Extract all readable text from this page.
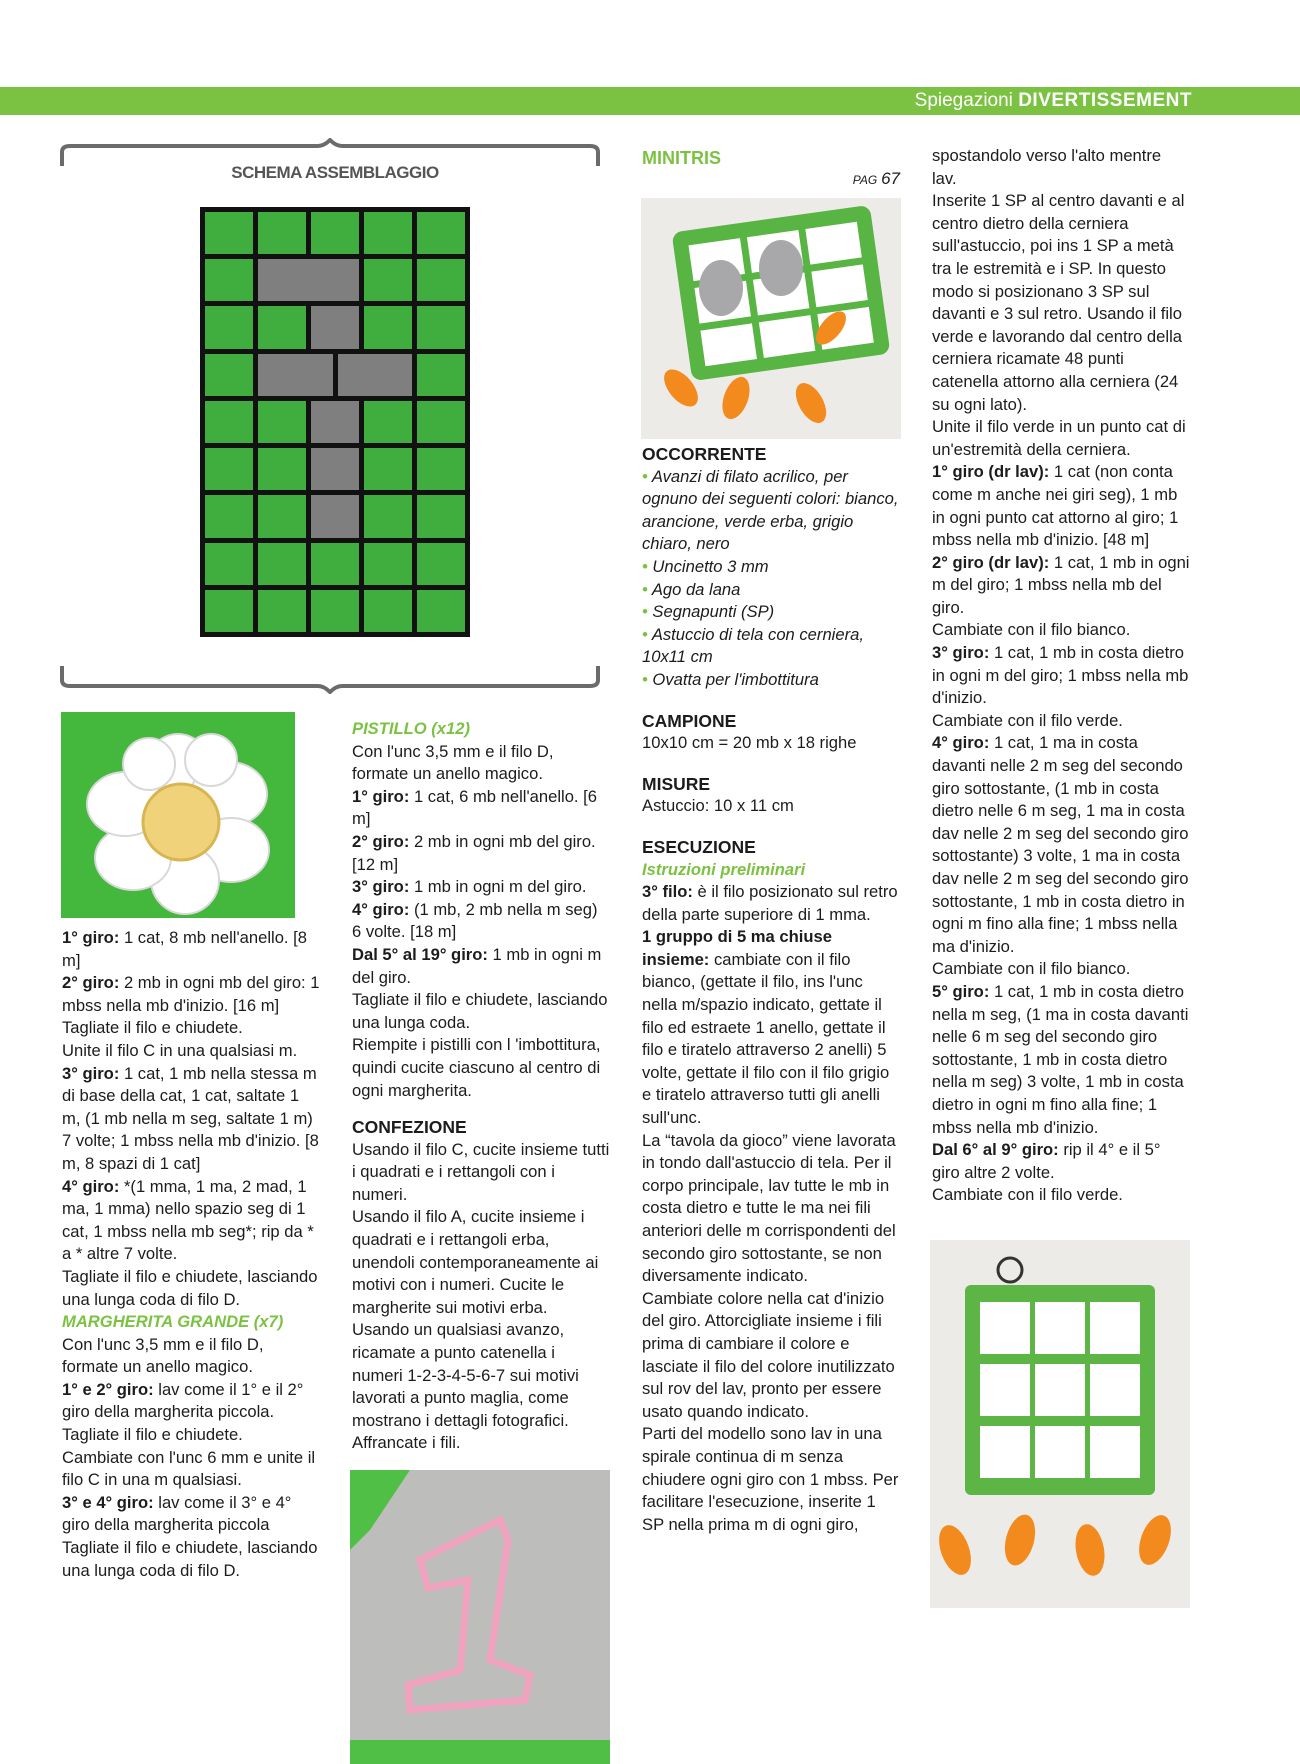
Spiegazioni DIVERTISSEMENT
SCHEMA ASSEMBLAGGIO

1° giro: 1 cat, 8 mb nell'anello. [8 m]

2° giro: 2 mb in ogni mb del giro: 1 mbss nella mb d'inizio. [16 m]

Tagliate il filo e chiudete.

Unite il filo C in una qualsiasi m.

3° giro: 1 cat, 1 mb nella stessa m di base della cat, 1 cat, saltate 1 m, (1 mb nella m seg, saltate 1 m) 7 volte; 1 mbss nella mb d'inizio. [8 m, 8 spazi di 1 cat]

4° giro: *(1 mma, 1 ma, 2 mad, 1 ma, 1 mma) nello spazio seg di 1 cat, 1 mbss nella mb seg*; rip da * a * altre 7 volte.

Tagliate il filo e chiudete, lasciando una lunga coda di filo D.

MARGHERITA GRANDE (x7)

Con l'unc 3,5 mm e il filo D, formate un anello magico.

1° e 2° giro: lav come il 1° e il 2° giro della margherita piccola.

Tagliate il filo e chiudete.

Cambiate con l'unc 6 mm e unite il filo C in una m qualsiasi.

3° e 4° giro: lav come il 3° e 4° giro della margherita piccola

Tagliate il filo e chiudete, lasciando una lunga coda di filo D.

PISTILLO (x12)

Con l'unc 3,5 mm e il filo D, formate un anello magico.

1° giro: 1 cat, 6 mb nell'anello. [6 m]

2° giro: 2 mb in ogni mb del giro. [12 m]

3° giro: 1 mb in ogni m del giro.

4° giro: (1 mb, 2 mb nella m seg) 6 volte. [18 m]

Dal 5° al 19° giro: 1 mb in ogni m del giro.

Tagliate il filo e chiudete, lasciando una lunga coda.

Riempite i pistilli con l 'imbottitura, quindi cucite ciascuno al centro di ogni margherita.

CONFEZIONE

Usando il filo C, cucite insieme tutti i quadrati e i rettangoli con i numeri.

Usando il filo A, cucite insieme i quadrati e i rettangoli erba, unendoli contemporaneamente ai motivi con i numeri. Cucite le margherite sui motivi erba.

Usando un qualsiasi avanzo, ricamate a punto catenella i numeri 1-2-3-4-5-6-7 sui motivi lavorati a punto maglia, come mostrano i dettagli fotografici.

Affrancate i fili.

MINITRIS

PAG 67

OCCORRENTE

• Avanzi di filato acrilico, per ognuno dei seguenti colori: bianco, arancione, verde erba, grigio chiaro, nero

• Uncinetto 3 mm

• Ago da lana

• Segnapunti (SP)

• Astuccio di tela con cerniera, 10x11 cm

• Ovatta per l'imbottitura

CAMPIONE

10x10 cm = 20 mb x 18 righe

MISURE

Astuccio: 10 x 11 cm

ESECUZIONE

Istruzioni preliminari

3° filo: è il filo posizionato sul retro della parte superiore di 1 mma.

1 gruppo di 5 ma chiuse insieme: cambiate con il filo bianco, (gettate il filo, ins l'unc nella m/spazio indicato, gettate il filo ed estraete 1 anello, gettate il filo e tiratelo attraverso 2 anelli) 5 volte, gettate il filo con il filo grigio e tiratelo attraverso tutti gli anelli sull'unc.

La “tavola da gioco” viene lavorata in tondo dall'astuccio di tela. Per il corpo principale, lav tutte le mb in costa dietro e tutte le ma nei fili anteriori delle m corrispondenti del secondo giro sottostante, se non diversamente indicato.

Cambiate colore nella cat d'inizio del giro. Attorcigliate insieme i fili prima di cambiare il colore e lasciate il filo del colore inutilizzato sul rov del lav, pronto per essere usato quando indicato.

Parti del modello sono lav in una spirale continua di m senza chiudere ogni giro con 1 mbss. Per facilitare l'esecuzione, inserite 1 SP nella prima m di ogni giro,

spostandolo verso l'alto mentre lav.

Inserite 1 SP al centro davanti e al centro dietro della cerniera sull'astuccio, poi ins 1 SP a metà tra le estremità e i SP. In questo modo si posizionano 3 SP sul davanti e 3 sul retro. Usando il filo verde e lavorando dal centro della cerniera ricamate 48 punti catenella attorno alla cerniera (24 su ogni lato).

Unite il filo verde in un punto cat di un'estremità della cerniera.

1° giro (dr lav): 1 cat (non conta come m anche nei giri seg), 1 mb in ogni punto cat attorno al giro; 1 mbss nella mb d'inizio. [48 m]

2° giro (dr lav): 1 cat, 1 mb in ogni m del giro; 1 mbss nella mb del giro.

Cambiate con il filo bianco.

3° giro: 1 cat, 1 mb in costa dietro in ogni m del giro; 1 mbss nella mb d'inizio.

Cambiate con il filo verde.

4° giro: 1 cat, 1 ma in costa davanti nelle 2 m seg del secondo giro sottostante, (1 mb in costa dietro nelle 6 m seg, 1 ma in costa dav nelle 2 m seg del secondo giro sottostante) 3 volte, 1 ma in costa dav nelle 2 m seg del secondo giro sottostante, 1 mb in costa dietro in ogni m fino alla fine; 1 mbss nella ma d'inizio.

Cambiate con il filo bianco.

5° giro: 1 cat, 1 mb in costa dietro nella m seg, (1 ma in costa davanti nelle 6 m seg del secondo giro sottostante, 1 mb in costa dietro nella m seg) 3 volte, 1 mb in costa dietro in ogni m fino alla fine; 1 mbss nella mb d'inizio.

Dal 6° al 9° giro: rip il 4° e il 5° giro altre 2 volte.

Cambiate con il filo verde.
